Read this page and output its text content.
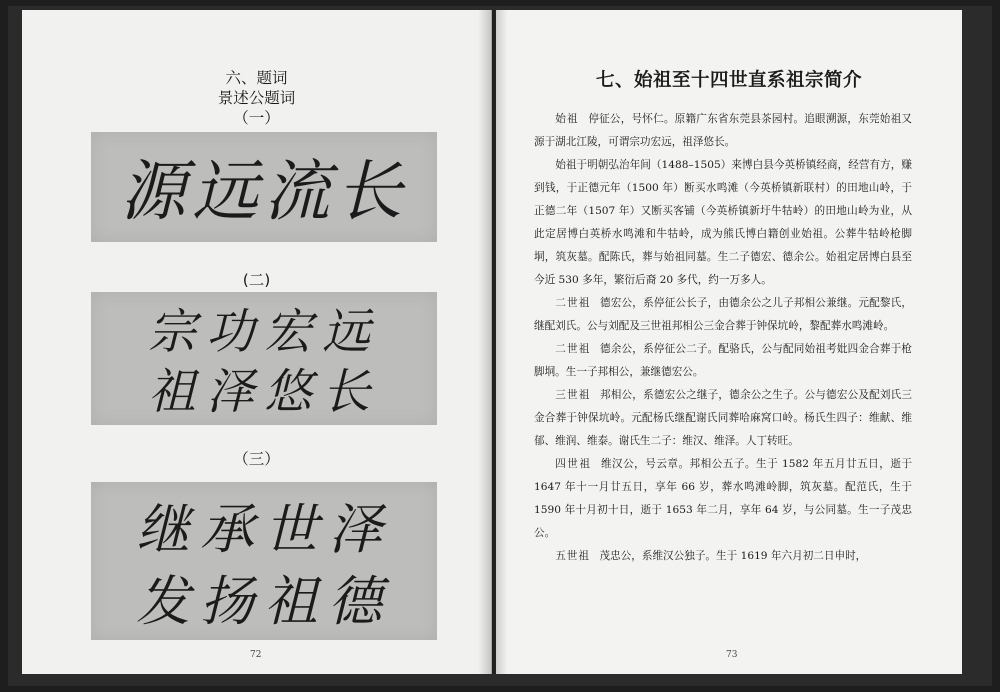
六、题词
景述公题词
（一）
源远流长
(二)
宗功宏远
祖泽悠长
（三）
继承世泽
发扬祖德
72
七、始祖至十四世直系祖宗简介

始祖 停征公，号怀仁。原籍广东省东莞县茶园村。追眼溯源，东莞始祖又源于湖北江陵，可谓宗功宏远，祖泽悠长。

始祖于明朝弘治年间（1488–1505）来博白县今英桥镇经商，经营有方，赚到钱，于正德元年（1500 年）断买水鸣滩（今英桥镇新联村）的田地山岭，于正德二年（1507 年）又断买客铺（今英桥镇新圩牛牯岭）的田地山岭为业，从此定居博白英桥水鸣滩和牛牯岭，成为熊氏博白籍创业始祖。公葬牛牯岭枪脚垌，筑灰墓。配陈氏，葬与始祖同墓。生二子德宏、德余公。始祖定居博白县至今近 530 多年，繁衍后裔 20 多代，约一万多人。

二世祖 德宏公，系停征公长子，由德余公之儿子邦相公兼继。元配黎氏，继配刘氏。公与刘配及三世祖邦相公三金合葬于钟保坑岭，黎配葬水鸣滩岭。

二世祖 德余公，系停征公二子。配骆氏，公与配同始祖考妣四金合葬于枪脚垌。生一子邦相公，兼继德宏公。

三世祖 邦相公，系德宏公之继子，德余公之生子。公与德宏公及配刘氏三金合葬于钟保坑岭。元配杨氏继配谢氏同葬哈麻窝口岭。杨氏生四子：维献、维郁、维润、维泰。谢氏生二子：维汉、维泽。人丁转旺。

四世祖 维汉公，号云章。邦相公五子。生于 1582 年五月廿五日，逝于 1647 年十一月廿五日，享年 66 岁，葬水鸣滩岭脚，筑灰墓。配范氏，生于 1590 年十月初十日，逝于 1653 年二月，享年 64 岁，与公同墓。生一子茂忠公。

五世祖 茂忠公，系维汉公独子。生于 1619 年六月初二日申时，

73
